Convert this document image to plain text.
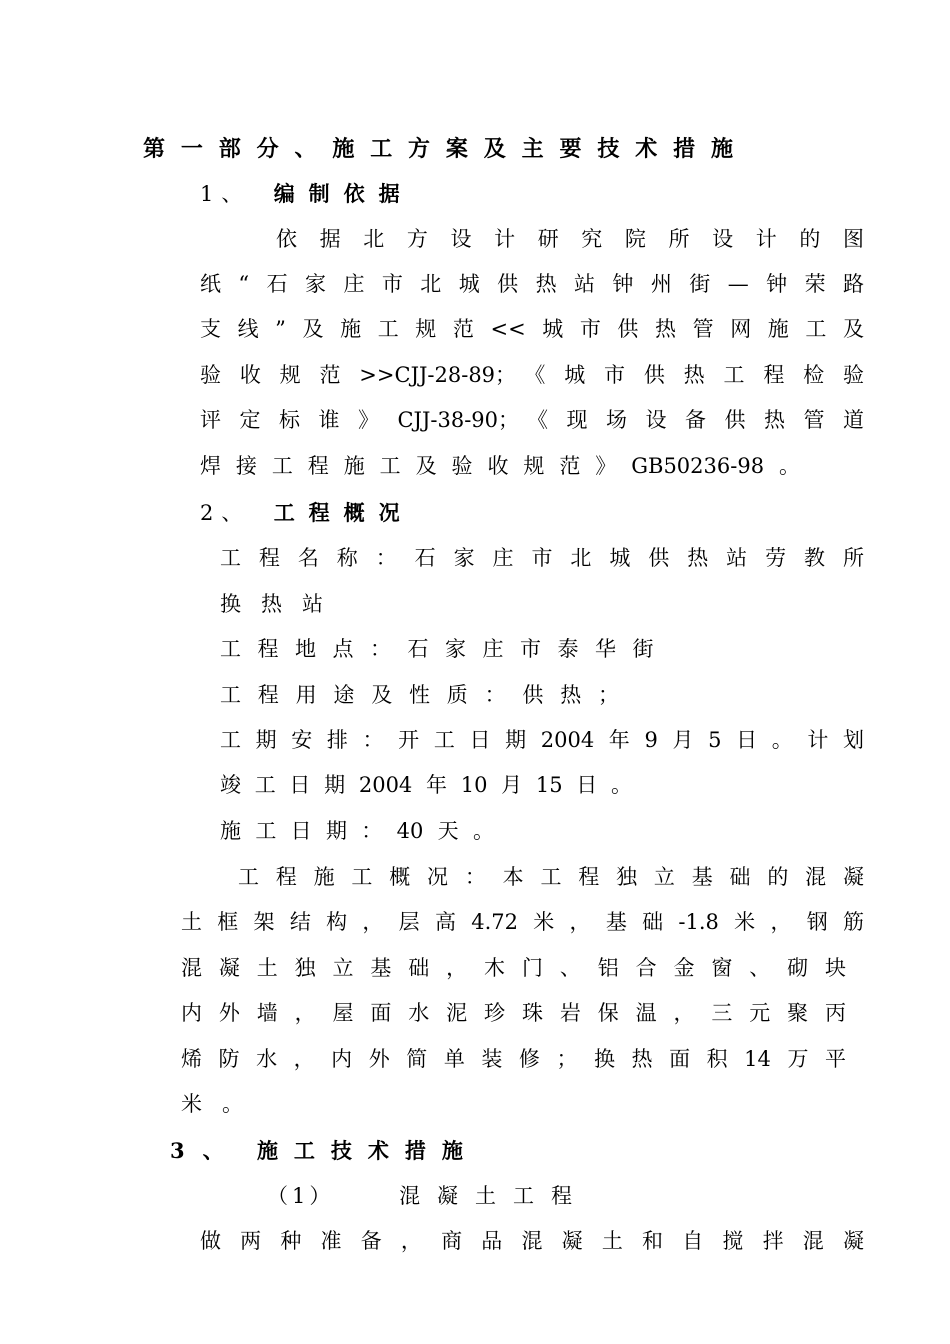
第一部分、施工方案及主要技术措施
1、 编制依据
依据北方设计研究院所设计的图
纸“石家庄市北城供热站钟州街—钟荣路
支线”及施工规范<<城市供热管网施工及
验收规范>>CJJ-28-89；《城市供热工程检验
评定标谁》CJJ-38-90；《现场设备供热管道
焊接工程施工及验收规范》GB50236-98。
2、 工程概况
工程名称：石家庄市北城供热站劳教所
换热站
工程地点：石家庄市泰华街
工程用途及性质：供热；
工期安排：开工日期2004年9月5日。计划
竣工日期2004年10月15日。
施工日期：40天。
工程施工概况：本工程独立基础的混凝
土框架结构，层高4.72米，基础-1.8米，钢筋
混凝土独立基础，木门、铝合金窗、砌块
内外墙，屋面水泥珍珠岩保温，三元聚丙
烯防水，内外简单装修；换热面积14万平
米。
3、 施工技术措施
（1）	混凝土工程
做两种准备，商品混凝土和自搅拌混凝
